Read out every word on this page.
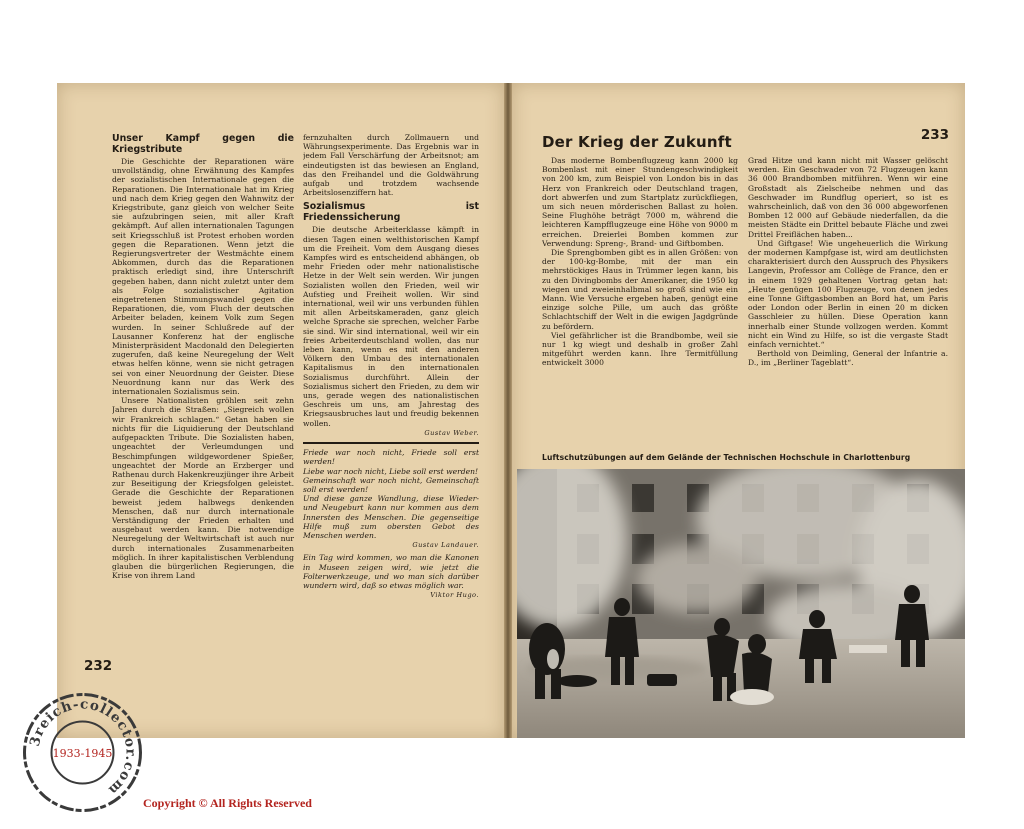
Unser Kampf gegen die Kriegstribute

Die Geschichte der Reparationen wäre unvollständig, ohne Erwähnung des Kampfes der sozialistischen Internationale gegen die Reparationen. Die Internationale hat im Krieg und nach dem Krieg gegen den Wahnwitz der Kriegstribute, ganz gleich von welcher Seite sie aufzubringen seien, mit aller Kraft gekämpft. Auf allen internationalen Tagungen seit Kriegsschluß ist Protest erhoben worden gegen die Reparationen. Wenn jetzt die Regierungsvertreter der Westmächte einem Abkommen, durch das die Reparationen praktisch erledigt sind, ihre Unterschrift gegeben haben, dann nicht zuletzt unter dem als Folge sozialistischer Agitation eingetretenen Stimmungswandel gegen die Reparationen, die, vom Fluch der deutschen Arbeiter beladen, keinem Volk zum Segen wurden. In seiner Schlußrede auf der Lausanner Konferenz hat der englische Ministerpräsident Macdonald den Delegierten zugerufen, daß keine Neuregelung der Welt etwas helfen könne, wenn sie nicht getragen sei von einer Neuordnung der Geister. Diese Neuordnung kann nur das Werk des internationalen Sozialismus sein.

Unsere Nationalisten gröhlen seit zehn Jahren durch die Straßen: „Siegreich wollen wir Frankreich schlagen.“ Getan haben sie nichts für die Liquidierung der Deutschland aufgepackten Tribute. Die Sozialisten haben, ungeachtet der Verleumdungen und Beschimpfungen wildgewordener Spießer, ungeachtet der Morde an Erzberger und Rathenau durch Hakenkreuzjünger ihre Arbeit zur Beseitigung der Kriegsfolgen geleistet. Gerade die Geschichte der Reparationen beweist jedem halbwegs denkenden Menschen, daß nur durch internationale Verständigung der Frieden erhalten und ausgebaut werden kann. Die notwendige Neuregelung der Weltwirtschaft ist auch nur durch internationales Zusammenarbeiten möglich. In ihrer kapitalistischen Verblendung glauben die bürgerlichen Regierungen, die Krise von ihrem Land

fernzuhalten durch Zollmauern und Währungsexperimente. Das Ergebnis war in jedem Fall Verschärfung der Arbeitsnot; am eindeutigsten ist das bewiesen an England, das den Freihandel und die Goldwährung aufgab und trotzdem wachsende Arbeitslosenziffern hat.

Sozialismus ist Friedenssicherung

Die deutsche Arbeiterklasse kämpft in diesen Tagen einen welthistorischen Kampf um die Freiheit. Vom dem Ausgang dieses Kampfes wird es entscheidend abhängen, ob mehr Frieden oder mehr nationalistische Hetze in der Welt sein werden. Wir jungen Sozialisten wollen den Frieden, weil wir Aufstieg und Freiheit wollen. Wir sind international, weil wir uns verbunden fühlen mit allen Arbeitskameraden, ganz gleich welche Sprache sie sprechen, welcher Farbe sie sind. Wir sind international, weil wir ein freies Arbeiterdeutschland wollen, das nur leben kann, wenn es mit den anderen Völkern den Umbau des internationalen Kapitalismus in den internationalen Sozialismus durchführt. Allein der Sozialismus sichert den Frieden, zu dem wir uns, gerade wegen des nationalistischen Geschreis um uns, am Jahrestag des Kriegsausbruches laut und freudig bekennen wollen.

Gustav Weber.

Friede war noch nicht, Friede soll erst werden!

Liebe war noch nicht, Liebe soll erst werden!

Gemeinschaft war noch nicht, Gemeinschaft soll erst werden!

Und diese ganze Wandlung, diese Wieder- und Neugeburt kann nur kommen aus dem Innersten des Menschen. Die gegenseitige Hilfe muß zum obersten Gebot des Menschen werden.

Gustav Landauer.

Ein Tag wird kommen, wo man die Kanonen in Museen zeigen wird, wie jetzt die Folterwerkzeuge, und wo man sich darüber wundern wird, daß so etwas möglich war.

Viktor Hugo.
232
Der Krieg der Zukunft	233

Das moderne Bombenflugzeug kann 2000 kg Bombenlast mit einer Stundengeschwindigkeit von 200 km, zum Beispiel von London bis in das Herz von Frankreich oder Deutschland tragen, dort abwerfen und zum Startplatz zurückfliegen, um sich neuen mörderischen Ballast zu holen. Seine Flughöhe beträgt 7000 m, während die leichteren Kampfflugzeuge eine Höhe von 9000 m erreichen. Dreierlei Bomben kommen zur Verwendung: Spreng-, Brand- und Giftbomben.

Die Sprengbomben gibt es in allen Größen: von der 100-kg-Bombe, mit der man ein mehrstöckiges Haus in Trümmer legen kann, bis zu den Divingbombs der Amerikaner, die 1950 kg wiegen und zweieinhalbmal so groß sind wie ein Mann. Wie Versuche ergeben haben, genügt eine einzige solche Pille, um auch das größte Schlachtschiff der Welt in die ewigen Jagdgründe zu befördern.

Viel gefährlicher ist die Brandbombe, weil sie nur 1 kg wiegt und deshalb in großer Zahl mitgeführt werden kann. Ihre Termitfüllung entwickelt 3000

Grad Hitze und kann nicht mit Wasser gelöscht werden. Ein Geschwader von 72 Flugzeugen kann 36 000 Brandbomben mitführen. Wenn wir eine Großstadt als Zielscheibe nehmen und das Geschwader im Rundflug operiert, so ist es wahrscheinlich, daß von den 36 000 abgeworfenen Bomben 12 000 auf Gebäude niederfallen, da die meisten Städte ein Drittel bebaute Fläche und zwei Drittel Freiflächen haben...

Und Giftgase! Wie ungeheuerlich die Wirkung der modernen Kampfgase ist, wird am deutlichsten charakterisiert durch den Ausspruch des Physikers Langevin, Professor am Collège de France, den er in einem 1929 gehaltenen Vortrag getan hat: „Heute genügen 100 Flugzeuge, von denen jedes eine Tonne Giftgasbomben an Bord hat, um Paris oder London oder Berlin in einen 20 m dicken Gasschleier zu hüllen. Diese Operation kann innerhalb einer Stunde vollzogen werden. Kommt nicht ein Wind zu Hilfe, so ist die vergaste Stadt einfach vernichtet.“

Berthold von Deimling, General der Infantrie a. D., im „Berliner Tageblatt“.

Luftschutzübungen auf dem Gelände der Technischen Hochschule in Charlottenburg
3reich-collector.com
1933-1945
Copyright © All Rights Reserved
